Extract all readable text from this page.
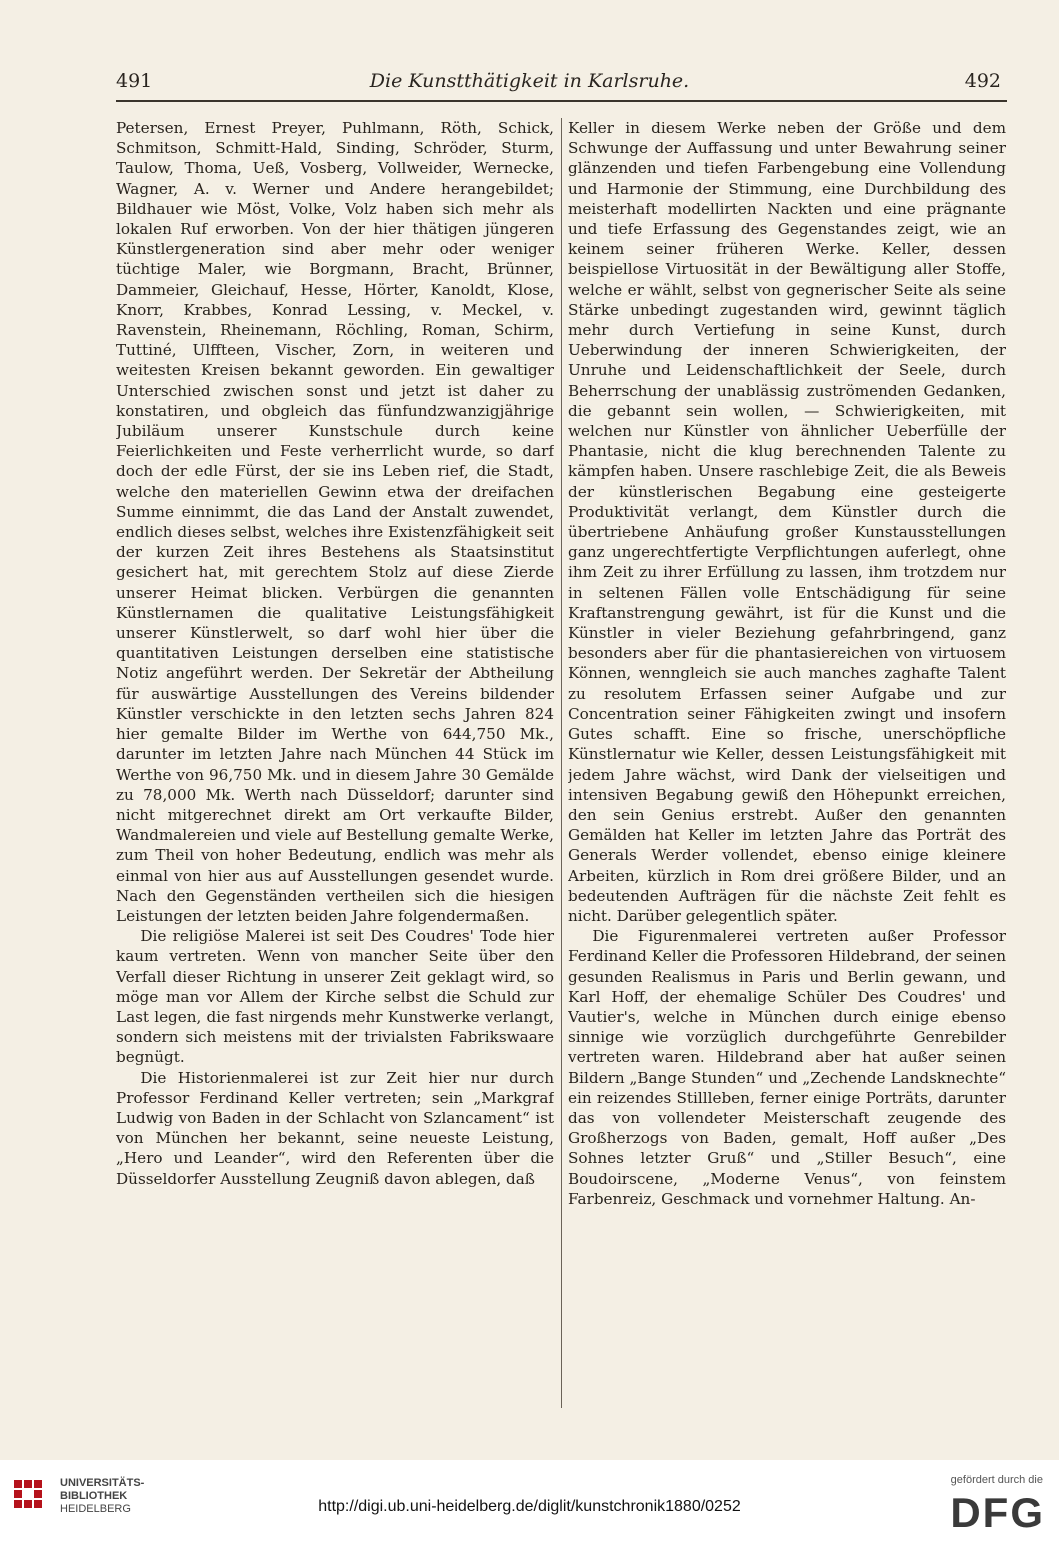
491	Die Kunstthätigkeit in Karlsruhe.	492

Petersen, Ernest Preyer, Puhlmann, Röth, Schick, Schmitson, Schmitt-Hald, Sinding, Schröder, Sturm, Taulow, Thoma, Ueß, Vosberg, Vollweider, Wernecke, Wagner, A. v. Werner und Andere herangebildet; Bildhauer wie Möst, Volke, Volz haben sich mehr als lokalen Ruf erworben. Von der hier thätigen jüngeren Künstlergeneration sind aber mehr oder weniger tüchtige Maler, wie Borgmann, Bracht, Brünner, Dammeier, Gleichauf, Hesse, Hörter, Kanoldt, Klose, Knorr, Krabbes, Konrad Lessing, v. Meckel, v. Ravenstein, Rheinemann, Röchling, Roman, Schirm, Tuttiné, Ulffteen, Vischer, Zorn, in weiteren und weitesten Kreisen bekannt geworden. Ein gewaltiger Unterschied zwischen sonst und jetzt ist daher zu konstatiren, und obgleich das fünfundzwanzigjährige Jubiläum unserer Kunstschule durch keine Feierlichkeiten und Feste verherrlicht wurde, so darf doch der edle Fürst, der sie ins Leben rief, die Stadt, welche den materiellen Gewinn etwa der dreifachen Summe einnimmt, die das Land der Anstalt zuwendet, endlich dieses selbst, welches ihre Existenzfähigkeit seit der kurzen Zeit ihres Bestehens als Staatsinstitut gesichert hat, mit gerechtem Stolz auf diese Zierde unserer Heimat blicken. Verbürgen die genannten Künstlernamen die qualitative Leistungsfähigkeit unserer Künstlerwelt, so darf wohl hier über die quantitativen Leistungen derselben eine statistische Notiz angeführt werden. Der Sekretär der Abtheilung für auswärtige Ausstellungen des Vereins bildender Künstler verschickte in den letzten sechs Jahren 824 hier gemalte Bilder im Werthe von 644,750 Mk., darunter im letzten Jahre nach München 44 Stück im Werthe von 96,750 Mk. und in diesem Jahre 30 Gemälde zu 78,000 Mk. Werth nach Düsseldorf; darunter sind nicht mitgerechnet direkt am Ort verkaufte Bilder, Wandmalereien und viele auf Bestellung gemalte Werke, zum Theil von hoher Bedeutung, endlich was mehr als einmal von hier aus auf Ausstellungen gesendet wurde. Nach den Gegenständen vertheilen sich die hiesigen Leistungen der letzten beiden Jahre folgendermaßen.

Die religiöse Malerei ist seit Des Coudres' Tode hier kaum vertreten. Wenn von mancher Seite über den Verfall dieser Richtung in unserer Zeit geklagt wird, so möge man vor Allem der Kirche selbst die Schuld zur Last legen, die fast nirgends mehr Kunstwerke verlangt, sondern sich meistens mit der trivialsten Fabrikswaare begnügt.

Die Historienmalerei ist zur Zeit hier nur durch Professor Ferdinand Keller vertreten; sein „Markgraf Ludwig von Baden in der Schlacht von Szlancament“ ist von München her bekannt, seine neueste Leistung, „Hero und Leander“, wird den Referenten über die Düsseldorfer Ausstellung Zeugniß davon ablegen, daß

Keller in diesem Werke neben der Größe und dem Schwunge der Auffassung und unter Bewahrung seiner glänzenden und tiefen Farbengebung eine Vollendung und Harmonie der Stimmung, eine Durchbildung des meisterhaft modellirten Nackten und eine prägnante und tiefe Erfassung des Gegenstandes zeigt, wie an keinem seiner früheren Werke. Keller, dessen beispiellose Virtuosität in der Bewältigung aller Stoffe, welche er wählt, selbst von gegnerischer Seite als seine Stärke unbedingt zugestanden wird, gewinnt täglich mehr durch Vertiefung in seine Kunst, durch Ueberwindung der inneren Schwierigkeiten, der Unruhe und Leidenschaftlichkeit der Seele, durch Beherrschung der unablässig zuströmenden Gedanken, die gebannt sein wollen, — Schwierigkeiten, mit welchen nur Künstler von ähnlicher Ueberfülle der Phantasie, nicht die klug berechnenden Talente zu kämpfen haben. Unsere raschlebige Zeit, die als Beweis der künstlerischen Begabung eine gesteigerte Produktivität verlangt, dem Künstler durch die übertriebene Anhäufung großer Kunstausstellungen ganz ungerechtfertigte Verpflichtungen auferlegt, ohne ihm Zeit zu ihrer Erfüllung zu lassen, ihm trotzdem nur in seltenen Fällen volle Entschädigung für seine Kraftanstrengung gewährt, ist für die Kunst und die Künstler in vieler Beziehung gefahrbringend, ganz besonders aber für die phantasiereichen von virtuosem Können, wenngleich sie auch manches zaghafte Talent zu resolutem Erfassen seiner Aufgabe und zur Concentration seiner Fähigkeiten zwingt und insofern Gutes schafft. Eine so frische, unerschöpfliche Künstlernatur wie Keller, dessen Leistungsfähigkeit mit jedem Jahre wächst, wird Dank der vielseitigen und intensiven Begabung gewiß den Höhepunkt erreichen, den sein Genius erstrebt. Außer den genannten Gemälden hat Keller im letzten Jahre das Porträt des Generals Werder vollendet, ebenso einige kleinere Arbeiten, kürzlich in Rom drei größere Bilder, und an bedeutenden Aufträgen für die nächste Zeit fehlt es nicht. Darüber gelegentlich später.

Die Figurenmalerei vertreten außer Professor Ferdinand Keller die Professoren Hildebrand, der seinen gesunden Realismus in Paris und Berlin gewann, und Karl Hoff, der ehemalige Schüler Des Coudres' und Vautier's, welche in München durch einige ebenso sinnige wie vorzüglich durchgeführte Genrebilder vertreten waren. Hildebrand aber hat außer seinen Bildern „Bange Stunden“ und „Zechende Landsknechte“ ein reizendes Stillleben, ferner einige Porträts, darunter das von vollendeter Meisterschaft zeugende des Großherzogs von Baden, gemalt, Hoff außer „Des Sohnes letzter Gruß“ und „Stiller Besuch“, eine Boudoirscene, „Moderne Venus“, von feinstem Farbenreiz, Geschmack und vornehmer Haltung. An-

UNIVERSITÄTS-
BIBLIOTHEK
HEIDELBERG	http://digi.ub.uni-heidelberg.de/diglit/kunstchronik1880/0252
gefördert durch die
DFG
